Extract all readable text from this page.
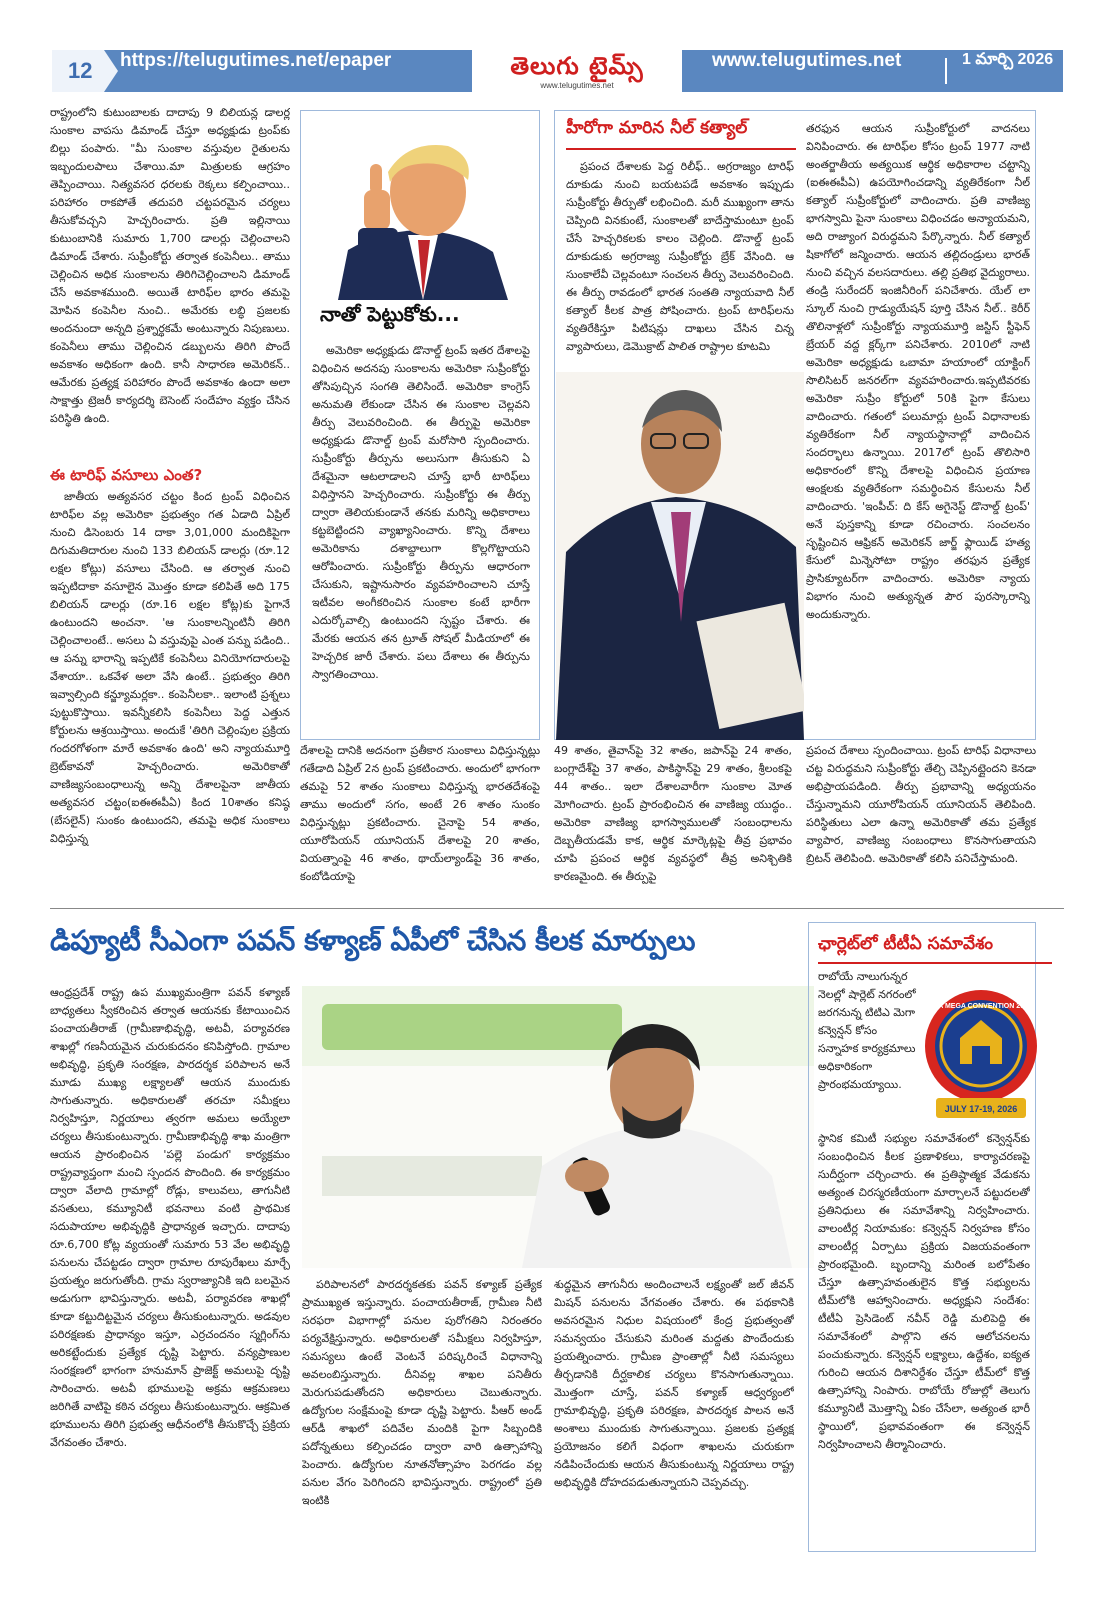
12	https://telugutimes.net/epaper	తెలుగు టైమ్స్
www.telugutimes.net
www.telugutimes.net	1 మార్చి 2026

రాష్ట్రంలోని కుటుంబాలకు దాదాపు 9 బిలియన్ల డాలర్ల సుంకాల వాపసు డిమాండ్ చేస్తూ అధ్యక్షుడు ట్రంప్‌కు బిల్లు పంపారు. "మీ సుంకాల వస్తువుల రైతులను ఇబ్బందులపాలు చేశాయి.మా మిత్రులకు ఆగ్రహం తెప్పించాయి. నిత్యవసర ధరలకు రెక్కలు కల్పించాయి.. పరిహారం రాకపోతే తదుపరి చట్టపరమైన చర్యలు తీసుకోవచ్చని హెచ్చరించారు. ప్రతి ఇల్లినాయి కుటుంబానికి సుమారు 1,700 డాలర్లు చెల్లించాలని డిమాండ్ చేశారు. సుప్రీంకోర్టు తర్వాత కంపెనీలు.. తాము చెల్లించిన అధిక సుంకాలను తిరిగిచెల్లించాలని డిమాండ్ చేసే అవకాశముంది. అయితే టారిఫ్‌ల భారం తమపై మోపిన కంపెనీల నుంచి.. అమేరకు లబ్ధి ప్రజలకు అందనుందా అన్నది ప్రశ్నార్థకమే అంటున్నారు నిపుణులు. కంపెనీలు తాము చెల్లించిన డబ్బులను తిరిగి పొందే అవకాశం అధికంగా ఉంది. కానీ సాధారణ అమెరికన్.. ఆమేరకు ప్రత్యక్ష పరిహారం పొందే అవకాశం ఉందా అలా సాక్షాత్తు ట్రెజరీ కార్యదర్శి బెసెంట్ సందేహం వ్యక్తం చేసిన పరిస్థితి ఉంది.

ఈ టారిఫ్ వసూలు ఎంత?

జాతీయ అత్యవసర చట్టం కింద ట్రంప్ విధించిన టారిఫ్‌ల వల్ల అమెరికా ప్రభుత్వం గత ఏడాది ఏప్రిల్ నుంచి డిసెంబరు 14 దాకా 3,01,000 మందికిపైగా దిగుమతిదారుల నుంచి 133 బిలియన్ డాలర్లు (రూ.12 లక్షల కోట్లు) వసూలు చేసింది. ఆ తర్వాత నుంచి ఇప్పటిదాకా వసూలైన మొత్తం కూడా కలిపితే అది 175 బిలియన్ డాలర్లు (రూ.16 లక్షల కోట్ల)కు పైగానే ఉంటుందని అంచనా. 'ఆ సుంకాలన్నింటినీ తిరిగి చెల్లించాలంటే.. అసలు ఏ వస్తువుపై ఎంత పన్ను పడింది.. ఆ పన్ను భారాన్ని ఇప్పటికే కంపెనీలు వినియోగదారులపై వేశాయా.. ఒకవేళ అలా వేసి ఉంటే.. ప్రభుత్వం తిరిగి ఇవ్వాల్సింది కన్జ్యూమర్లకా.. కంపెనీలకా.. ఇలాంటి ప్రశ్నలు పుట్టుకొస్తాయి. ఇవన్నీకలిసి కంపెనీలు పెద్ద ఎత్తున కోర్టులను ఆశ్రయిస్తాయి. అందుకే 'తిరిగి చెల్లింపుల ప్రక్రియ గందరగోళంగా మారే అవకాశం ఉంది' అని న్యాయమూర్తి బ్రెట్‌కావనో హెచ్చరించారు. అమెరికాతో వాణిజ్యసంబంధాలున్న అన్ని దేశాలపైనా జాతీయ అత్యవసర చట్టం(ఐఈఈపీఏ) కింద 10శాతం కనిష్ఠ (బేసలైన్) సుంకం ఉంటుందని, తమపై అధిక సుంకాలు విధిస్తున్న

నాతో పెట్టుకోకు...

అమెరికా అధ్యక్షుడు డొనాల్డ్ ట్రంప్ ఇతర దేశాలపై విధించిన అదనపు సుంకాలను అమెరికా సుప్రీంకోర్టు తోసిపుచ్చిన సంగతి తెలిసిందే. అమెరికా కాంగ్రెస్ అనుమతి లేకుండా చేసిన ఈ సుంకాల చెల్లవని తీర్పు వెలువరించింది. ఈ తీర్పుపై అమెరికా అధ్యక్షుడు డొనాల్డ్ ట్రంప్ మరోసారి స్పందించారు. సుప్రీంకోర్టు తీర్పును అలుసుగా తీసుకుని ఏ దేశమైనా ఆటలాడాలని చూస్తే భారీ టారిఫ్‌లు విధిస్తానని హెచ్చరించారు. సుప్రీంకోర్టు ఈ తీర్పు ద్వారా తెలియకుండానే తనకు మరిన్ని అధికారాలు కట్టబెట్టిందని వ్యాఖ్యానించారు. కొన్ని దేశాలు అమెరికాను దశాబ్దాలుగా కొల్లగొట్టాయని ఆరోపించారు. సుప్రీంకోర్టు తీర్పును ఆధారంగా చేసుకుని, ఇష్టానుసారం వ్యవహరించాలని చూస్తే ఇటీవల అంగీకరించిన సుంకాల కంటే భారీగా ఎదుర్కోవాల్సి ఉంటుందని స్పష్టం చేశారు. ఈ మేరకు ఆయన తన ట్రూత్ సోషల్ మీడియాలో ఈ హెచ్చరిక జారీ చేశారు. పలు దేశాలు ఈ తీర్పును స్వాగతించాయి.

హీరోగా మారిన నీల్ కత్యాల్

ప్రపంచ దేశాలకు పెద్ద రిలీఫ్.. అగ్రరాజ్యం టారిఫ్ దూకుడు నుంచి బయటపడే అవకాశం ఇప్పుడు సుప్రీంకోర్టు తీర్పుతో లభించింది. మరీ ముఖ్యంగా తాను చెప్పింది వినకుంటే, సుంకాలతో బాదేస్తామంటూ ట్రంప్ చేసే హెచ్చరికలకు కాలం చెల్లింది. డొనాల్డ్ ట్రంప్ దూకుడుకు అగ్రరాజ్య సుప్రీంకోర్టు బ్రేక్ వేసింది. ఆ సుంకాలేవీ చెల్లవంటూ సంచలన తీర్పు వెలువరించింది. ఈ తీర్పు రావడంలో భారత సంతతి న్యాయవాది నీల్ కత్యాల్ కీలక పాత్ర పోషించారు. ట్రంప్ టారిఫ్‌లను వ్యతిరేకిస్తూ పిటిషన్లు దాఖలు చేసిన చిన్న వ్యాపారులు, డెమొక్రాట్ పాలిత రాష్ట్రాల కూటమి

తరఫున ఆయన సుప్రీంకోర్టులో వాదనలు వినిపించారు. ఈ టారిఫ్‌ల కోసం ట్రంప్ 1977 నాటి అంతర్జాతీయ అత్యయిక ఆర్థిక అధికారాల చట్టాన్ని (ఐఈఈపీఏ) ఉపయోగించడాన్ని వ్యతిరేకంగా నీల్ కత్యాల్ సుప్రీంకోర్టులో వాదించారు. ప్రతి వాణిజ్య భాగస్వామి పైనా సుంకాలు విధించడం అన్యాయమని, అది రాజ్యాంగ విరుద్ధమని పేర్కొన్నారు. నీల్ కత్యాల్ షికాగోలో జన్మించారు. ఆయన తల్లిదండ్రులు భారత్ నుంచి వచ్చిన వలసదారులు. తల్లి ప్రతిభ వైద్యురాలు. తండ్రి సురేందర్ ఇంజినీరింగ్ పనిచేశారు. యేల్ లా స్కూల్ నుంచి గ్రాడ్యుయేషన్ పూర్తి చేసిన నీల్.. కెరీర్ తొలినాళ్లలో సుప్రీంకోర్టు న్యాయమూర్తి జస్టిస్ స్టీఫెన్ బ్రేయర్ వద్ద క్లర్క్‌గా పనిచేశారు. 2010లో నాటి అమెరికా అధ్యక్షుడు ఒబామా హయాంలో యాక్టింగ్ సొలిసిటర్ జనరల్‌గా వ్యవహరించారు.ఇప్పటివరకు అమెరికా సుప్రీం కోర్టులో 50కి పైగా కేసులు వాదించారు. గతంలో పలుమార్లు ట్రంప్ విధానాలకు వ్యతిరేకంగా నీల్ న్యాయస్థానాల్లో వాదించిన సందర్భాలు ఉన్నాయి. 2017లో ట్రంప్ తొలిసారి అధికారంలో కొన్ని దేశాలపై విధించిన ప్రయాణ ఆంక్షలకు వ్యతిరేకంగా సమర్థించిన కేసులను నీల్ వాదించారు. 'ఇంపీచ్: ది కేస్ అగైనెస్ట్ డొనాల్డ్ ట్రంప్' అనే పుస్తకాన్ని కూడా రచించారు. సంచలనం సృష్టించిన ఆఫ్రికన్ అమెరికన్ జార్జ్ ఫ్లాయిడ్ హత్య కేసులో మిన్నెసోటా రాష్ట్రం తరఫున ప్రత్యేక ప్రాసిక్యూటర్‌గా వాదించారు. అమెరికా న్యాయ విభాగం నుంచి అత్యున్నత పౌర పురస్కారాన్ని అందుకున్నారు.

దేశాలపై దానికి అదనంగా ప్రతీకార సుంకాలు విధిస్తున్నట్లు గతేడాది ఏప్రిల్ 2న ట్రంప్ ప్రకటించారు. అందులో భాగంగా తమపై 52 శాతం సుంకాలు విధిస్తున్న భారతదేశంపై తాము అందులో సగం, అంటే 26 శాతం సుంకం విధిస్తున్నట్లు ప్రకటించారు. చైనాపై 54 శాతం, యూరోపియన్ యూనియన్ దేశాలపై 20 శాతం, వియత్నాంపై 46 శాతం, థాయ్‌ల్యాండ్‌పై 36 శాతం, కంబోడియాపై

49 శాతం, తైవాన్‌పై 32 శాతం, జపాన్‌పై 24 శాతం, బంగ్లాదేశ్‌పై 37 శాతం, పాకిస్థాన్‌పై 29 శాతం, శ్రీలంకపై 44 శాతం.. ఇలా దేశాలవారీగా సుంకాల మోత మోగించారు. ట్రంప్ ప్రారంభించిన ఈ వాణిజ్య యుద్ధం.. అమెరికా వాణిజ్య భాగస్వాములతో సంబంధాలను దెబ్బతీయడమే కాక, ఆర్థిక మార్కెట్లపై తీవ్ర ప్రభావం చూపి ప్రపంచ ఆర్థిక వ్యవస్థలో తీవ్ర అనిశ్చితికి కారణమైంది. ఈ తీర్పుపై

ప్రపంచ దేశాలు స్పందించాయి. ట్రంప్ టారిఫ్ విధానాలు చట్ట విరుద్ధమని సుప్రీంకోర్టు తేల్చి చెప్పినట్లైందని కెనడా అభిప్రాయపడింది. తీర్పు ప్రభావాన్ని అధ్యయనం చేస్తున్నామని యూరోపియన్ యూనియన్ తెలిపింది. పరిస్థితులు ఎలా ఉన్నా అమెరికాతో తమ ప్రత్యేక వ్యాపార, వాణిజ్య సంబంధాలు కొనసాగుతాయని బ్రిటన్ తెలిపింది. అమెరికాతో కలిసి పనిచేస్తామంది.

డిప్యూటీ సీఎంగా పవన్ కళ్యాణ్ ఏపీలో చేసిన కీలక మార్పులు

ఆంధ్రప్రదేశ్ రాష్ట్ర ఉప ముఖ్యమంత్రిగా పవన్ కళ్యాణ్ బాధ్యతలు స్వీకరించిన తర్వాత ఆయనకు కేటాయించిన పంచాయతీరాజ్ (గ్రామీణాభివృద్ధి, అటవీ, పర్యావరణ శాఖల్లో గణనీయమైన చురుకుదనం కనిపిస్తోంది. గ్రామాల అభివృద్ధి, ప్రకృతి సంరక్షణ, పారదర్శక పరిపాలన అనే మూడు ముఖ్య లక్ష్యాలతో ఆయన ముందుకు సాగుతున్నారు. అధికారులతో తరచూ సమీక్షలు నిర్వహిస్తూ, నిర్ణయాలు త్వరగా అమలు అయ్యేలా చర్యలు తీసుకుంటున్నారు. గ్రామీణాభివృద్ధి శాఖ మంత్రిగా ఆయన ప్రారంభించిన 'పల్లె పండుగ' కార్యక్రమం రాష్ట్రవ్యాప్తంగా మంచి స్పందన పొందింది. ఈ కార్యక్రమం ద్వారా వేలాది గ్రామాల్లో రోడ్లు, కాలువలు, తాగునీటి వసతులు, కమ్యూనిటీ భవనాలు వంటి ప్రాథమిక సదుపాయాల అభివృద్ధికి ప్రాధాన్యత ఇచ్చారు. దాదాపు రూ.6,700 కోట్ల వ్యయంతో సుమారు 53 వేల అభివృద్ధి పనులను చేపట్టడం ద్వారా గ్రామాల రూపురేఖలు మార్చే ప్రయత్నం జరుగుతోంది. గ్రామ స్వరాజ్యానికి ఇది బలమైన అడుగుగా భావిస్తున్నారు. అటవీ, పర్యావరణ శాఖల్లో కూడా కట్టుదిట్టమైన చర్యలు తీసుకుంటున్నారు. అడవుల పరిరక్షణకు ప్రాధాన్యం ఇస్తూ, ఎర్రచందనం స్మగ్లింగ్‌ను అరికట్టేందుకు ప్రత్యేక దృష్టి పెట్టారు. వన్యప్రాణుల సంరక్షణలో భాగంగా హనుమాన్ ప్రాజెక్ట్ అమలుపై దృష్టి సారించారు. అటవీ భూములపై అక్రమ ఆక్రమణలు జరిగితే వాటిపై కఠిన చర్యలు తీసుకుంటున్నారు. ఆక్రమిత భూములను తిరిగి ప్రభుత్వ ఆధీనంలోకి తీసుకొచ్చే ప్రక్రియ వేగవంతం చేశారు.

పరిపాలనలో పారదర్శకతకు పవన్ కళ్యాణ్ ప్రత్యేక ప్రాముఖ్యత ఇస్తున్నారు. పంచాయతీరాజ్, గ్రామీణ నీటి సరఫరా విభాగాల్లో పనుల పురోగతిని నిరంతరం పర్యవేక్షిస్తున్నారు. అధికారులతో సమీక్షలు నిర్వహిస్తూ, సమస్యలు ఉంటే వెంటనే పరిష్కరించే విధానాన్ని అవలంబిస్తున్నారు. దీనివల్ల శాఖల పనితీరు మెరుగుపడుతోందని అధికారులు చెబుతున్నారు. ఉద్యోగుల సంక్షేమంపై కూడా దృష్టి పెట్టారు. పీఆర్ అండ్ ఆర్‌డీ శాఖలో పదివేల మందికి పైగా సిబ్బందికి పదోన్నతులు కల్పించడం ద్వారా వారి ఉత్సాహాన్ని పెంచారు. ఉద్యోగుల నూతనోత్సాహం పెరగడం వల్ల పనుల వేగం పెరిగిందని భావిస్తున్నారు. రాష్ట్రంలో ప్రతి ఇంటికి

శుద్ధమైన తాగునీరు అందించాలనే లక్ష్యంతో జల్ జీవన్ మిషన్ పనులను వేగవంతం చేశారు. ఈ పథకానికి అవసరమైన నిధుల విషయంలో కేంద్ర ప్రభుత్వంతో సమన్వయం చేసుకుని మరింత మద్దతు పొందేందుకు ప్రయత్నించారు. గ్రామీణ ప్రాంతాల్లో నీటి సమస్యలు తీర్చడానికి దీర్ఘకాలిక చర్యలు కొనసాగుతున్నాయి. మొత్తంగా చూస్తే, పవన్ కళ్యాణ్ ఆధ్వర్యంలో గ్రామాభివృద్ధి, ప్రకృతి పరిరక్షణ, పారదర్శక పాలన అనే అంశాలు ముందుకు సాగుతున్నాయి. ప్రజలకు ప్రత్యక్ష ప్రయోజనం కలిగే విధంగా శాఖలను చురుకుగా నడిపించేందుకు ఆయన తీసుకుంటున్న నిర్ణయాలు రాష్ట్ర అభివృద్ధికి దోహదపడుతున్నాయని చెప్పవచ్చు.

ఛార్లెట్‌లో టీటీఏ సమావేశం

రాబోయే నాలుగున్నర నెలల్లో షార్లెట్ నగరంలో జరగనున్న టిటిఎ మెగా కన్వెన్షన్ కోసం సన్నాహక కార్యక్రమాలు అధికారికంగా ప్రారంభమయ్యాయి.

JULY 17-19, 2026
TTA MEGA CONVENTION 2026

స్థానిక కమిటీ సభ్యుల సమావేశంలో కన్వెన్షన్‌కు సంబంధించిన కీలక ప్రణాళికలు, కార్యాచరణపై సుదీర్ఘంగా చర్చించారు. ఈ ప్రతిష్ఠాత్మక వేడుకను అత్యంత చిరస్మరణీయంగా మార్చాలనే పట్టుదలతో ప్రతినిధులు ఈ సమావేశాన్ని నిర్వహించారు. వాలంటీర్ల నియామకం: కన్వెన్షన్ నిర్వహణ కోసం వాలంటీర్ల ఏర్పాటు ప్రక్రియ విజయవంతంగా ప్రారంభమైంది. బృందాన్ని మరింత బలోపేతం చేస్తూ ఉత్సాహవంతులైన కొత్త సభ్యులను టీమ్‌లోకి ఆహ్వానించారు. అధ్యక్షుని సందేశం: టీటీఏ ప్రెసిడెంట్ నవీన్ రెడ్డి మలిపెద్ది ఈ సమావేశంలో పాల్గొని తన ఆలోచనలను పంచుకున్నారు. కన్వెన్షన్ లక్ష్యాలు, ఉద్దేశం, ఐక్యత గురించి ఆయన దిశానిర్దేశం చేస్తూ టీమ్‌లో కొత్త ఉత్సాహాన్ని నింపారు. రాబోయే రోజుల్లో తెలుగు కమ్యూనిటీ మొత్తాన్ని ఏకం చేసేలా, అత్యంత భారీ స్థాయిలో, ప్రభావవంతంగా ఈ కన్వెన్షన్ నిర్వహించాలని తీర్మానించారు.
